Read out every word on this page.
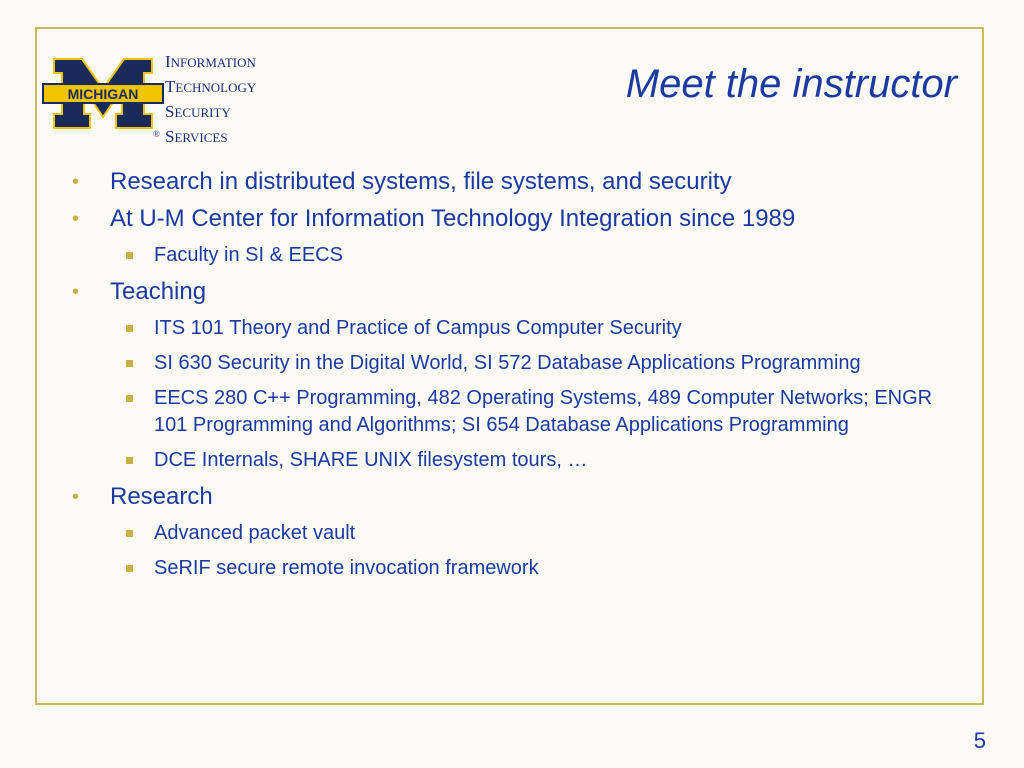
MICHIGAN
INFORMATION
TECHNOLOGY
SECURITY
SERVICES
®
Meet the instructor
• Research in distributed systems, file systems, and security
• At U-M Center for Information Technology Integration since 1989
Faculty in SI & EECS
• Teaching
ITS 101 Theory and Practice of Campus Computer Security
SI 630 Security in the Digital World, SI 572 Database Applications Programming
EECS 280 C++ Programming, 482 Operating Systems, 489 Computer Networks; ENGR 101 Programming and Algorithms; SI 654 Database Applications Programming
DCE Internals, SHARE UNIX filesystem tours, …
• Research
Advanced packet vault
SeRIF secure remote invocation framework
5
